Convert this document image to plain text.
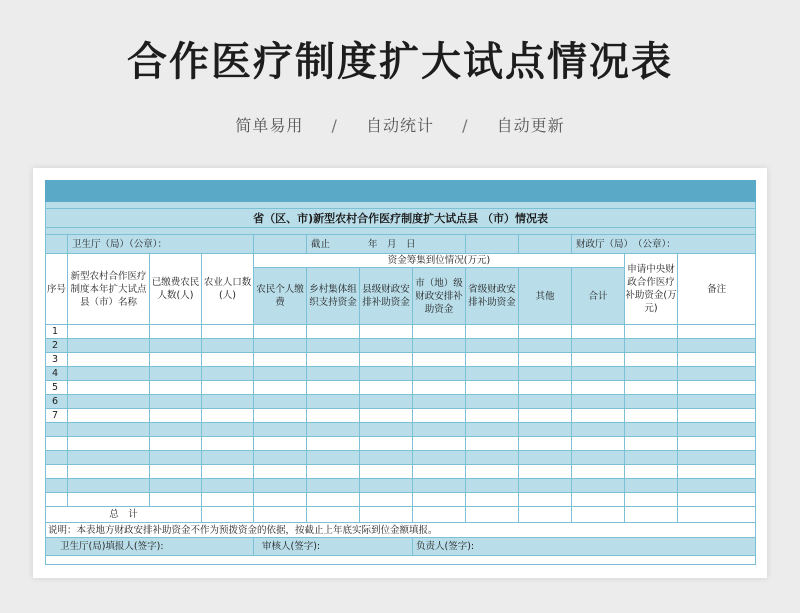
合作医疗制度扩大试点情况表
简单易用 / 自动统计 / 自动更新

省（区、市)新型农村合作医疗制度扩大试点县 （市）情况表												

	卫生厅（局）（公章）：				截止　　　　年　月　日					财政厅（局）　（公章）：		
序号	新型农村合作医疗制度本年扩大试点县（市）名称	已缴费农民人数(人)	农业人口数(人)	资金筹集到位情况(万元)							申请中央财政合作医疗补助资金(万元)	备注
				农民个人缴费	乡村集体组织支持资金	县级财政安排补助资金	市（地）级财政安排补助资金	省级财政安排补助资金	其他	合计		
1												
2												
3												
4												
5												
6												
7												

总　计												
说明：本表地方财政安排补助资金不作为预拨资金的依据，按截止上年底实际到位金额填报。												
卫生厅(局)填报人(签字):				审核人(签字):			负责人(签字):					
